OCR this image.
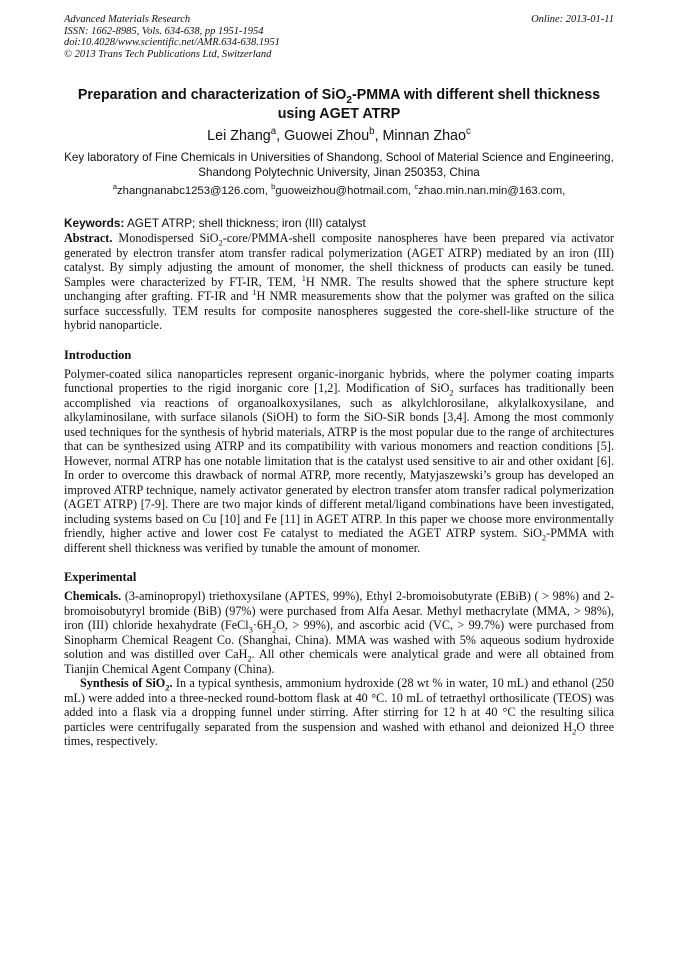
Advanced Materials Research
ISSN: 1662-8985, Vols. 634-638, pp 1951-1954
doi:10.4028/www.scientific.net/AMR.634-638.1951
© 2013 Trans Tech Publications Ltd, Switzerland
Online: 2013-01-11
Preparation and characterization of SiO$_2$-PMMA with different shell thickness using AGET ATRP
Lei Zhang$^a$, Guowei Zhou$^b$, Minnan Zhao$^c$
Key laboratory of Fine Chemicals in Universities of Shandong, School of Material Science and Engineering, Shandong Polytechnic University, Jinan 250353, China
$^a$zhangnanabc1253@126.com, $^b$guoweizhou@hotmail.com, $^c$zhao.min.nan.min@163.com,
Keywords: AGET ATRP; shell thickness; iron (III) catalyst

Abstract. Monodispersed SiO$_2$-core/PMMA-shell composite nanospheres have been prepared via activator generated by electron transfer atom transfer radical polymerization (AGET ATRP) mediated by an iron (III) catalyst. By simply adjusting the amount of monomer, the shell thickness of products can easily be tuned. Samples were characterized by FT-IR, TEM, $^1$H NMR. The results showed that the sphere structure kept unchanging after grafting. FT-IR and $^1$H NMR measurements show that the polymer was grafted on the silica surface successfully. TEM results for composite nanospheres suggested the core-shell-like structure of the hybrid nanoparticle.

Introduction

Polymer-coated silica nanoparticles represent organic-inorganic hybrids, where the polymer coating imparts functional properties to the rigid inorganic core [1,2]. Modification of SiO$_2$ surfaces has traditionally been accomplished via reactions of organoalkoxysilanes, such as alkylchlorosilane, alkylalkoxysilane, and alkylaminosilane, with surface silanols (SiOH) to form the SiO-SiR bonds [3,4]. Among the most commonly used techniques for the synthesis of hybrid materials, ATRP is the most popular due to the range of architectures that can be synthesized using ATRP and its compatibility with various monomers and reaction conditions [5]. However, normal ATRP has one notable limitation that is the catalyst used sensitive to air and other oxidant [6]. In order to overcome this drawback of normal ATRP, more recently, Matyjaszewski’s group has developed an improved ATRP technique, namely activator generated by electron transfer atom transfer radical polymerization (AGET ATRP) [7-9]. There are two major kinds of different metal/ligand combinations have been investigated, including systems based on Cu [10] and Fe [11] in AGET ATRP. In this paper we choose more environmentally friendly, higher active and lower cost Fe catalyst to mediated the AGET ATRP system. SiO$_2$-PMMA with different shell thickness was verified by tunable the amount of monomer.

Experimental

Chemicals. (3-aminopropyl) triethoxysilane (APTES, 99%), Ethyl 2-bromoisobutyrate (EBiB) ( > 98%) and 2-bromoisobutyryl bromide (BiB) (97%) were purchased from Alfa Aesar. Methyl methacrylate (MMA, > 98%), iron (III) chloride hexahydrate ($FeCl_3\cdot 6H_2O$, > 99%), and ascorbic acid (VC, > 99.7%) were purchased from Sinopharm Chemical Reagent Co. (Shanghai, China). MMA was washed with 5% aqueous sodium hydroxide solution and was distilled over CaH$_2$. All other chemicals were analytical grade and were all obtained from Tianjin Chemical Agent Company (China).

Synthesis of SiO$_2$. In a typical synthesis, ammonium hydroxide (28 wt % in water, 10 mL) and ethanol (250 mL) were added into a three-necked round-bottom flask at 40 °C. 10 mL of tetraethyl orthosilicate (TEOS) was added into a flask via a dropping funnel under stirring. After stirring for 12 h at 40 °C the resulting silica particles were centrifugally separated from the suspension and washed with ethanol and deionized $H_2O$ three times, respectively.
